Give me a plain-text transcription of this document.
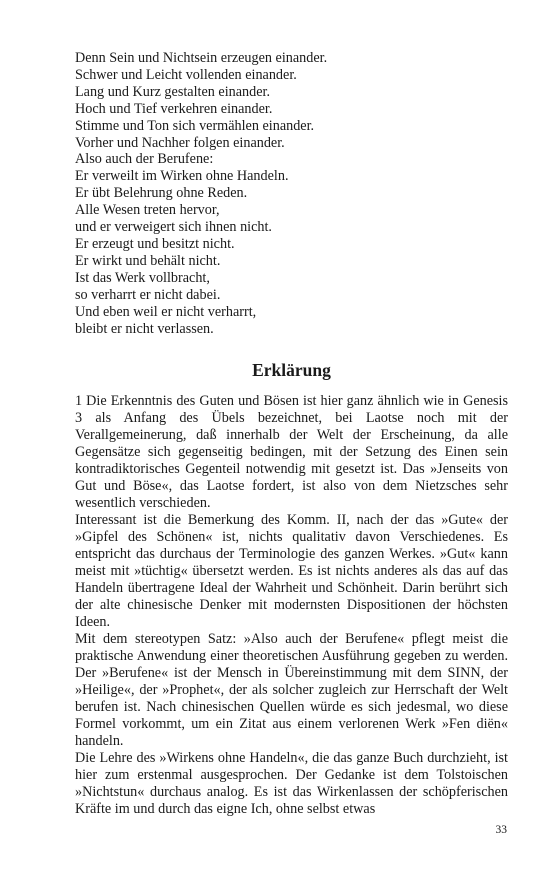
Denn Sein und Nichtsein erzeugen einander.
Schwer und Leicht vollenden einander.
Lang und Kurz gestalten einander.
Hoch und Tief verkehren einander.
Stimme und Ton sich vermählen einander.
Vorher und Nachher folgen einander.
Also auch der Berufene:
Er verweilt im Wirken ohne Handeln.
Er übt Belehrung ohne Reden.
Alle Wesen treten hervor,
und er verweigert sich ihnen nicht.
Er erzeugt und besitzt nicht.
Er wirkt und behält nicht.
Ist das Werk vollbracht,
so verharrt er nicht dabei.
Und eben weil er nicht verharrt,
bleibt er nicht verlassen.
Erklärung

1 Die Erkenntnis des Guten und Bösen ist hier ganz ähnlich wie in Genesis 3 als Anfang des Übels bezeichnet, bei Laotse noch mit der Verallgemeinerung, daß innerhalb der Welt der Erscheinung, da alle Gegensätze sich gegenseitig bedingen, mit der Setzung des Einen sein kontradiktorisches Gegenteil notwendig mit gesetzt ist. Das »Jenseits von Gut und Böse«, das Laotse fordert, ist also von dem Nietzsches sehr wesentlich verschieden.

Interessant ist die Bemerkung des Komm. II, nach der das »Gute« der »Gipfel des Schönen« ist, nichts qualitativ davon Verschiedenes. Es entspricht das durchaus der Terminologie des ganzen Werkes. »Gut« kann meist mit »tüchtig« übersetzt werden. Es ist nichts anderes als das auf das Handeln übertragene Ideal der Wahrheit und Schönheit. Darin berührt sich der alte chinesische Denker mit modernsten Dispositionen der höchsten Ideen.

Mit dem stereotypen Satz: »Also auch der Berufene« pflegt meist die praktische Anwendung einer theoretischen Ausführung gegeben zu werden. Der »Berufene« ist der Mensch in Übereinstimmung mit dem SINN, der »Heilige«, der »Prophet«, der als solcher zugleich zur Herrschaft der Welt berufen ist. Nach chinesischen Quellen würde es sich jedesmal, wo diese Formel vorkommt, um ein Zitat aus einem verlorenen Werk »Fen diën« handeln.

Die Lehre des »Wirkens ohne Handeln«, die das ganze Buch durchzieht, ist hier zum erstenmal ausgesprochen. Der Gedanke ist dem Tolstoischen »Nichtstun« durchaus analog. Es ist das Wirkenlassen der schöpferischen Kräfte im und durch das eigne Ich, ohne selbst etwas

33
